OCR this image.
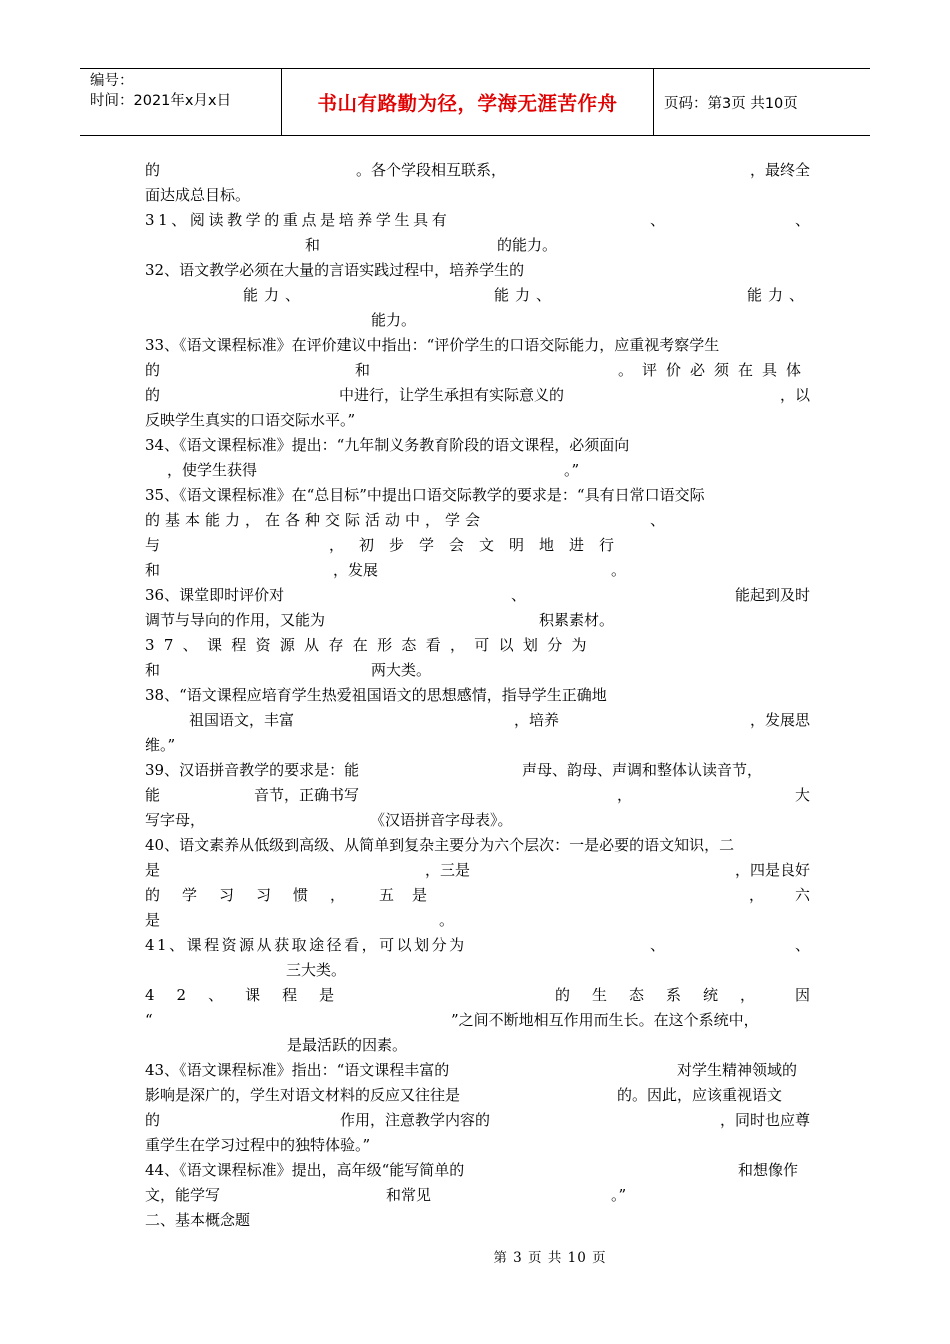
编号：
时间：2021年x月x日	书山有路勤为径，学海无涯苦作舟	页码：第3页 共10页
的	。各个学段相互联系，	，最终全
面达成总目标。
31、阅读教学的重点是培养学生具有	、	、
和	的能力。
32、语文教学必须在大量的言语实践过程中，培养学生的
能力、	能力、	能力、
能力。
33、《语文课程标准》在评价建议中指出：“评价学生的口语交际能力，应重视考察学生
的	和	。评价必须在具体
的	中进行，让学生承担有实际意义的	，以
反映学生真实的口语交际水平。”
34、《语文课程标准》提出：“九年制义务教育阶段的语文课程，必须面向
，使学生获得	。”
35、《语文课程标准》在“总目标”中提出口语交际教学的要求是：“具有日常口语交际
的基本能力，在各种交际活动中，学会	、
与	，初步学会文明地进行
和	，发展	。
36、课堂即时评价对	、	能起到及时
调节与导向的作用，又能为	积累素材。
37、课程资源从存在形态看，可以划分为
和	两大类。
38、“语文课程应培育学生热爱祖国语文的思想感情，指导学生正确地
祖国语文，丰富	，培养	，发展思
维。”
39、汉语拼音教学的要求是：能	声母、韵母、声调和整体认读音节，
能	音节，正确书写	，	大
写字母，	《汉语拼音字母表》。
40、语文素养从低级到高级、从简单到复杂主要分为六个层次：一是必要的语文知识，二
是	，三是	，四是良好
的学习习惯， 五是	， 六
是	。
41、课程资源从获取途径看，可以划分为	、	、
三大类。
42、课程是	的生态系统， 因
“	”之间不断地相互作用而生长。在这个系统中，
是最活跃的因素。
43、《语文课程标准》指出：“语文课程丰富的	对学生精神领域的
影响是深广的，学生对语文材料的反应又往往是	的。因此，应该重视语文
的	作用，注意教学内容的	，同时也应尊
重学生在学习过程中的独特体验。”
44、《语文课程标准》提出，高年级“能写简单的	和想像作
文，能学写	和常见	。”
二、基本概念题
第 3 页 共 10 页
